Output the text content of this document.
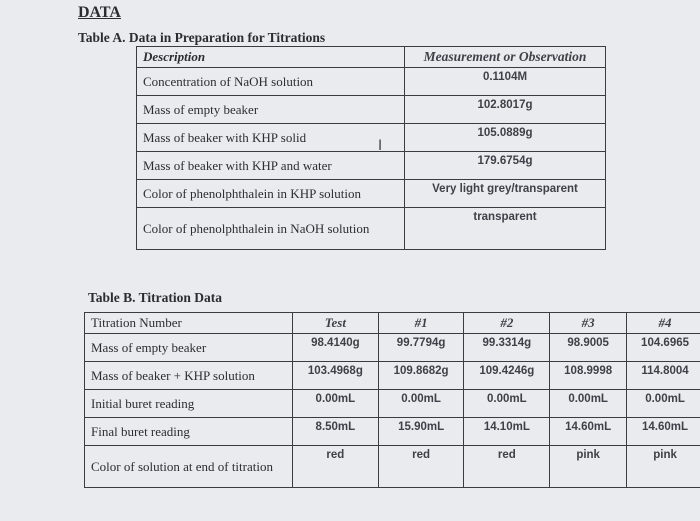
DATA
Table A. Data in Preparation for Titrations
Description	Measurement or Observation
Concentration of NaOH solution	0.1104M
Mass of empty beaker	102.8017g
Mass of beaker with KHP solid	105.0889g
Mass of beaker with KHP and water	179.6754g
Color of phenolphthalein in KHP solution	Very light grey/transparent
Color of phenolphthalein in NaOH solution	transparent
I
Table B. Titration Data
Titration Number	Test	#1	#2	#3	#4
Mass of empty beaker	98.4140g	99.7794g	99.3314g	98.9005	104.6965
Mass of beaker + KHP solution	103.4968g	109.8682g	109.4246g	108.9998	114.8004
Initial buret reading	0.00mL	0.00mL	0.00mL	0.00mL	0.00mL
Final buret reading	8.50mL	15.90mL	14.10mL	14.60mL	14.60mL
Color of solution at end of titration	red	red	red	pink	pink
